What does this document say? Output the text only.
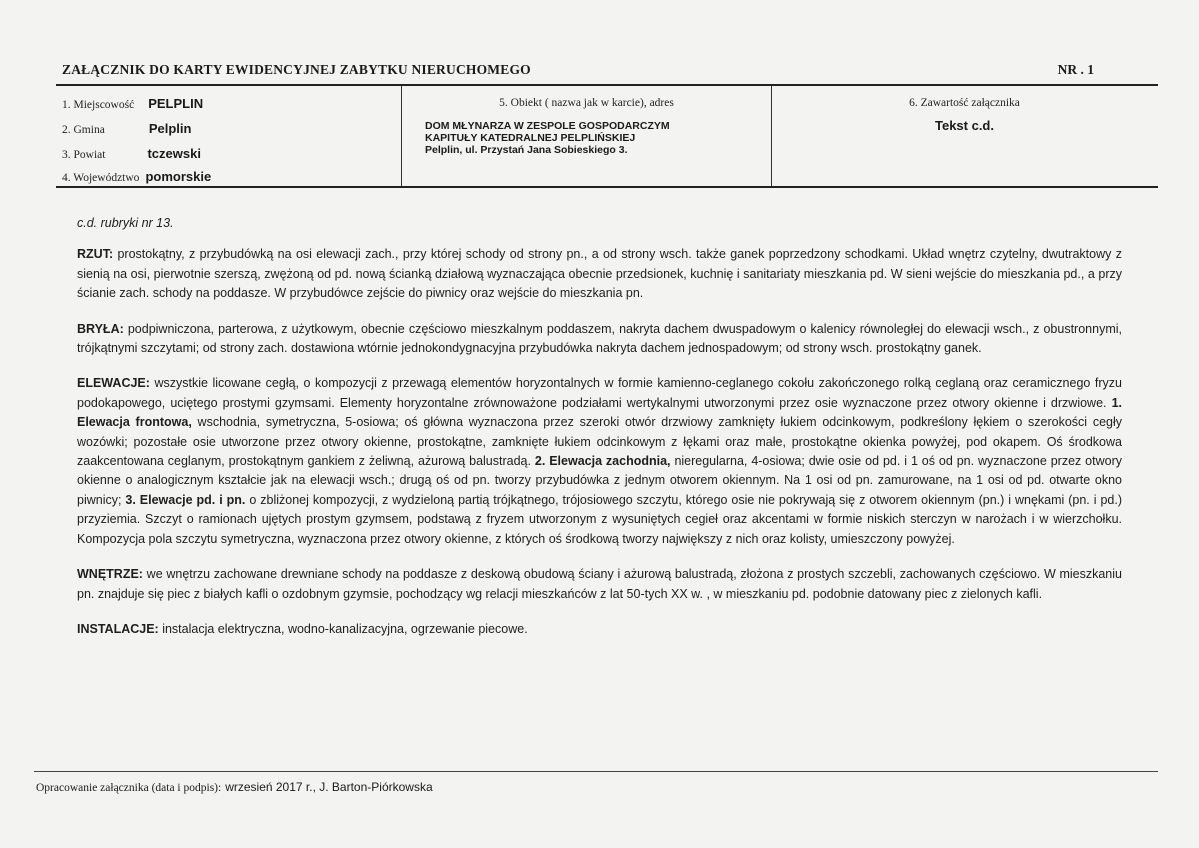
ZAŁĄCZNIK DO KARTY EWIDENCYJNEJ ZABYTKU NIERUCHOMEGO	NR . 1
1. Miejscowość PELPLIN
2. Gmina	Pelplin
3. Powiat	tczewski
4. Województwo pomorskie
5. Obiekt ( nazwa jak w karcie), adres
DOM MŁYNARZA W ZESPOLE GOSPODARCZYM
KAPITUŁY KATEDRALNEJ PELPLIŃSKIEJ
Pelplin, ul. Przystań Jana Sobieskiego 3.
6. Zawartość załącznika
Tekst c.d.

c.d. rubryki nr 13.

RZUT: prostokątny, z przybudówką na osi elewacji zach., przy której schody od strony pn., a od strony wsch. także ganek poprzedzony schodkami. Układ wnętrz czytelny, dwutraktowy z sienią na osi, pierwotnie szerszą, zwężoną od pd. nową ścianką działową wyznaczająca obecnie przedsionek, kuchnię i sanitariaty mieszkania pd. W sieni wejście do mieszkania pd., a przy ścianie zach. schody na poddasze. W przybudówce zejście do piwnicy oraz wejście do mieszkania pn.

BRYŁA: podpiwniczona, parterowa, z użytkowym, obecnie częściowo mieszkalnym poddaszem, nakryta dachem dwuspadowym o kalenicy równoległej do elewacji wsch., z obustronnymi, trójkątnymi szczytami; od strony zach. dostawiona wtórnie jednokondygnacyjna przybudówka nakryta dachem jednospadowym; od strony wsch. prostokątny ganek.

ELEWACJE: wszystkie licowane cegłą, o kompozycji z przewagą elementów horyzontalnych w formie kamienno-ceglanego cokołu zakończonego rolką ceglaną oraz ceramicznego fryzu podokapowego, uciętego prostymi gzymsami. Elementy horyzontalne zrównoważone podziałami wertykalnymi utworzonymi przez osie wyznaczone przez otwory okienne i drzwiowe. 1. Elewacja frontowa, wschodnia, symetryczna, 5-osiowa; oś główna wyznaczona przez szeroki otwór drzwiowy zamknięty łukiem odcinkowym, podkreślony łękiem o szerokości cegły wozówki; pozostałe osie utworzone przez otwory okienne, prostokątne, zamknięte łukiem odcinkowym z łękami oraz małe, prostokątne okienka powyżej, pod okapem. Oś środkowa zaakcentowana ceglanym, prostokątnym gankiem z żeliwną, ażurową balustradą. 2. Elewacja zachodnia, nieregularna, 4-osiowa; dwie osie od pd. i 1 oś od pn. wyznaczone przez otwory okienne o analogicznym kształcie jak na elewacji wsch.; drugą oś od pn. tworzy przybudówka z jednym otworem okiennym. Na 1 osi od pn. zamurowane, na 1 osi od pd. otwarte okno piwnicy; 3. Elewacje pd. i pn. o zbliżonej kompozycji, z wydzieloną partią trójkątnego, trójosiowego szczytu, którego osie nie pokrywają się z otworem okiennym (pn.) i wnękami (pn. i pd.) przyziemia. Szczyt o ramionach ujętych prostym gzymsem, podstawą z fryzem utworzonym z wysuniętych cegieł oraz akcentami w formie niskich sterczyn w narożach i w wierzchołku. Kompozycja pola szczytu symetryczna, wyznaczona przez otwory okienne, z których oś środkową tworzy największy z nich oraz kolisty, umieszczony powyżej.

WNĘTRZE: we wnętrzu zachowane drewniane schody na poddasze z deskową obudową ściany i ażurową balustradą, złożona z prostych szczebli, zachowanych częściowo. W mieszkaniu pn. znajduje się piec z białych kafli o ozdobnym gzymsie, pochodzący wg relacji mieszkańców z lat 50-tych XX w. , w mieszkaniu pd. podobnie datowany piec z zielonych kafli.

INSTALACJE: instalacja elektryczna, wodno-kanalizacyjna, ogrzewanie piecowe.

Opracowanie załącznika (data i podpis): wrzesień 2017 r., J. Barton-Piórkowska
